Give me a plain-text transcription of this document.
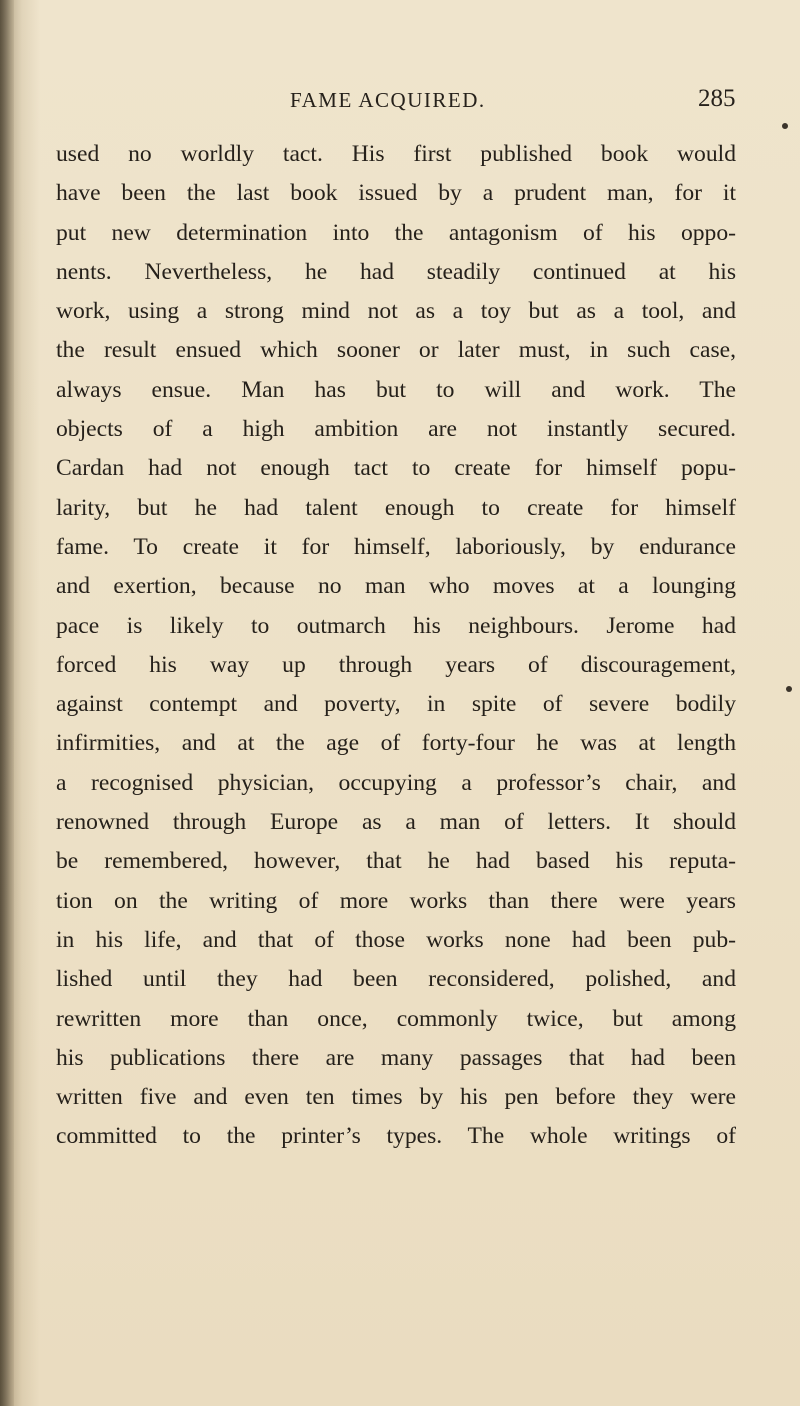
FAME ACQUIRED.	285
used no worldly tact. His first published book would
have been the last book issued by a prudent man, for it
put new determination into the antagonism of his oppo-
nents. Nevertheless, he had steadily continued at his
work, using a strong mind not as a toy but as a tool, and
the result ensued which sooner or later must, in such case,
always ensue. Man has but to will and work. The
objects of a high ambition are not instantly secured.
Cardan had not enough tact to create for himself popu-
larity, but he had talent enough to create for himself
fame. To create it for himself, laboriously, by endurance
and exertion, because no man who moves at a lounging
pace is likely to outmarch his neighbours. Jerome had
forced his way up through years of discouragement,
against contempt and poverty, in spite of severe bodily
infirmities, and at the age of forty-four he was at length
a recognised physician, occupying a professor’s chair, and
renowned through Europe as a man of letters. It should
be remembered, however, that he had based his reputa-
tion on the writing of more works than there were years
in his life, and that of those works none had been pub-
lished until they had been reconsidered, polished, and
rewritten more than once, commonly twice, but among
his publications there are many passages that had been
written five and even ten times by his pen before they were
committed to the printer’s types. The whole writings of
